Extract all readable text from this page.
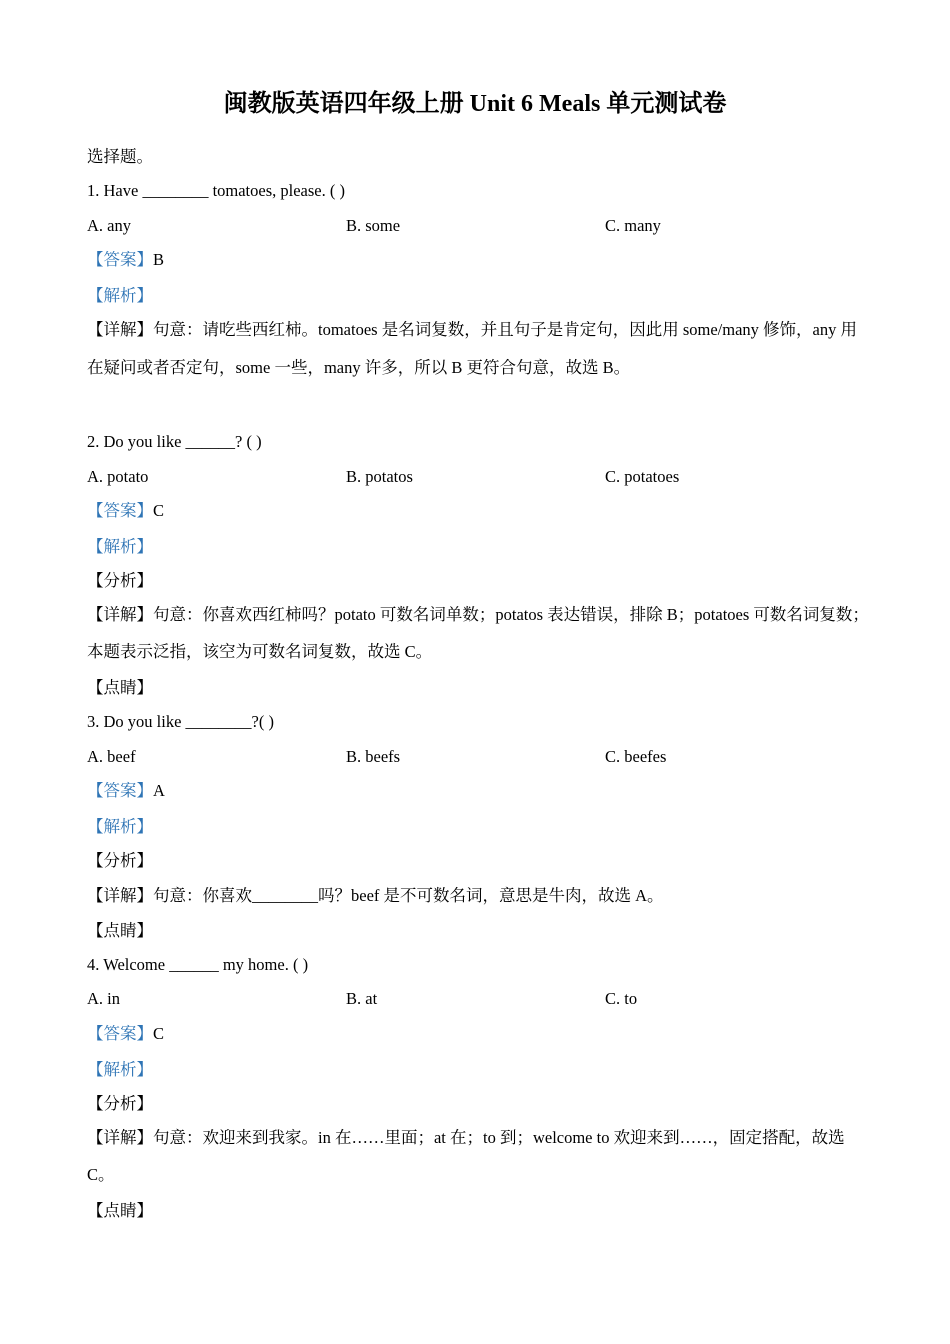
闽教版英语四年级上册 Unit 6 Meals 单元测试卷
选择题。
1. Have ________ tomatoes, please. ( )
A. any	B. some	C. many
【答案】B
【解析】
【详解】句意：请吃些西红柿。tomatoes 是名词复数，并且句子是肯定句，因此用 some/many 修饰，any 用
在疑问或者否定句，some 一些，many 许多，所以 B 更符合句意，故选 B。
2. Do you like ______? ( )
A. potato	B. potatos	C. potatoes
【答案】C
【解析】
【分析】
【详解】句意：你喜欢西红柿吗？potato 可数名词单数；potatos 表达错误，排除 B；potatoes 可数名词复数；
本题表示泛指，该空为可数名词复数，故选 C。
【点睛】
3. Do you like ________?( )
A. beef	B. beefs	C. beefes
【答案】A
【解析】
【分析】
【详解】句意：你喜欢________吗？beef 是不可数名词，意思是牛肉，故选 A。
【点睛】
4. Welcome ______ my home. ( )
A. in	B. at	C. to
【答案】C
【解析】
【分析】
【详解】句意：欢迎来到我家。in 在……里面；at 在；to 到；welcome to 欢迎来到……，固定搭配，故选
C。
【点睛】
